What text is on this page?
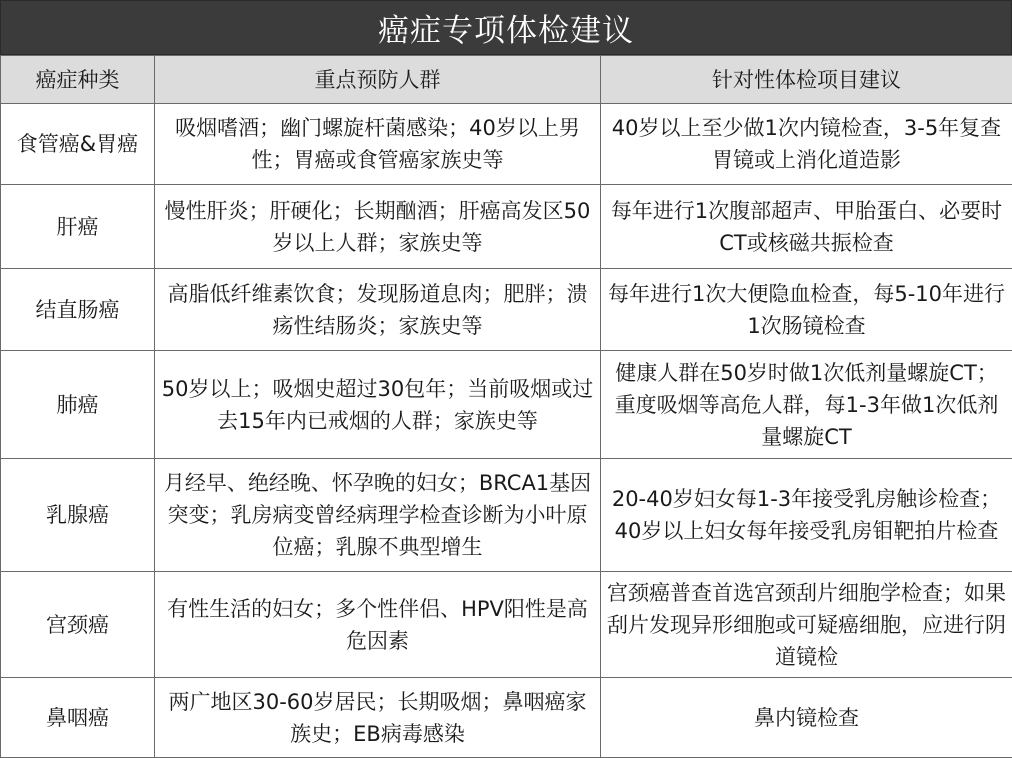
癌症专项体检建议
癌症种类	重点预防人群	针对性体检项目建议
食管癌&胃癌	吸烟嗜酒；幽门螺旋杆菌感染；40岁以上男性；胃癌或食管癌家族史等	40岁以上至少做1次内镜检查，3-5年复查胃镜或上消化道造影
肝癌	慢性肝炎；肝硬化；长期酗酒；肝癌高发区50岁以上人群；家族史等	每年进行1次腹部超声、甲胎蛋白、必要时CT或核磁共振检查
结直肠癌	高脂低纤维素饮食；发现肠道息肉；肥胖；溃疡性结肠炎；家族史等	每年进行1次大便隐血检查，每5-10年进行1次肠镜检查
肺癌	50岁以上；吸烟史超过30包年；当前吸烟或过去15年内已戒烟的人群；家族史等	健康人群在50岁时做1次低剂量螺旋CT；重度吸烟等高危人群，每1-3年做1次低剂量螺旋CT
乳腺癌	月经早、绝经晚、怀孕晚的妇女；BRCA1基因突变；乳房病变曾经病理学检查诊断为小叶原位癌；乳腺不典型增生	20-40岁妇女每1-3年接受乳房触诊检查；40岁以上妇女每年接受乳房钼靶拍片检查
宫颈癌	有性生活的妇女；多个性伴侣、HPV阳性是高危因素	宫颈癌普查首选宫颈刮片细胞学检查；如果刮片发现异形细胞或可疑癌细胞，应进行阴道镜检
鼻咽癌	两广地区30-60岁居民；长期吸烟；鼻咽癌家族史；EB病毒感染	鼻内镜检查
